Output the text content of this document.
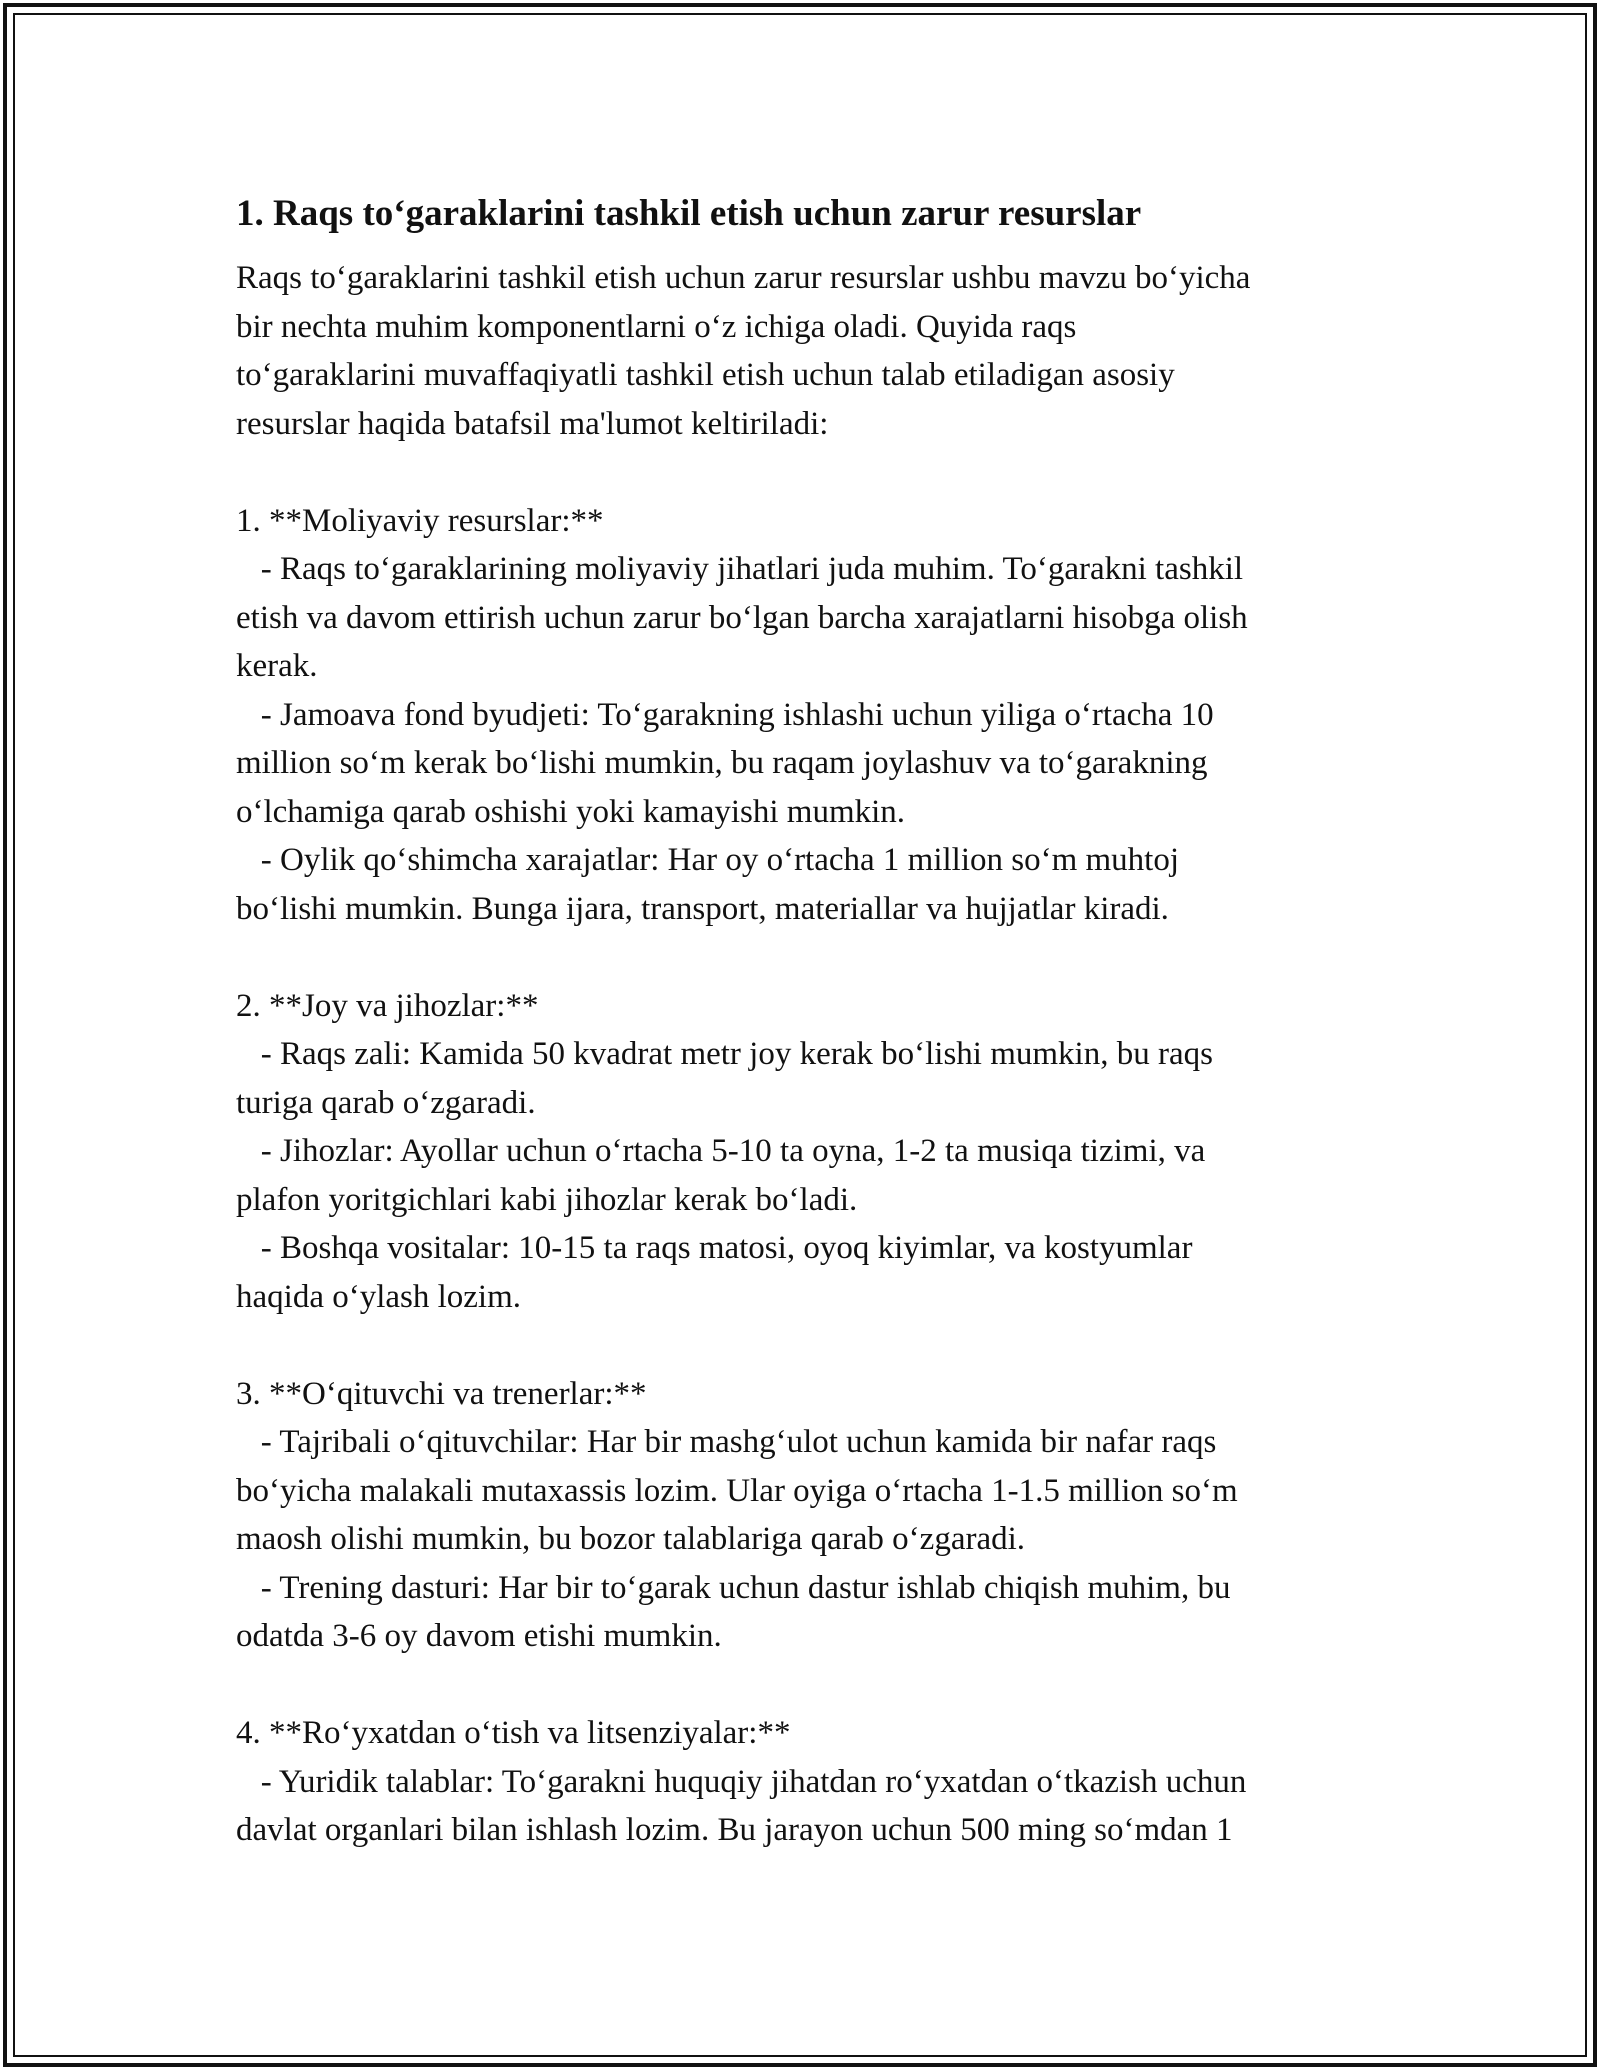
1. Raqs to‘garaklarini tashkil etish uchun zarur resurslar
Raqs to‘garaklarini tashkil etish uchun zarur resurslar ushbu mavzu bo‘yicha
bir nechta muhim komponentlarni o‘z ichiga oladi. Quyida raqs
to‘garaklarini muvaffaqiyatli tashkil etish uchun talab etiladigan asosiy
resurslar haqida batafsil ma'lumot keltiriladi:
1. **Moliyaviy resurslar:**
- Raqs to‘garaklarining moliyaviy jihatlari juda muhim. To‘garakni tashkil
etish va davom ettirish uchun zarur bo‘lgan barcha xarajatlarni hisobga olish
kerak.
- Jamoava fond byudjeti: To‘garakning ishlashi uchun yiliga o‘rtacha 10
million so‘m kerak bo‘lishi mumkin, bu raqam joylashuv va to‘garakning
o‘lchamiga qarab oshishi yoki kamayishi mumkin.
- Oylik qo‘shimcha xarajatlar: Har oy o‘rtacha 1 million so‘m muhtoj
bo‘lishi mumkin. Bunga ijara, transport, materiallar va hujjatlar kiradi.
2. **Joy va jihozlar:**
- Raqs zali: Kamida 50 kvadrat metr joy kerak bo‘lishi mumkin, bu raqs
turiga qarab o‘zgaradi.
- Jihozlar: Ayollar uchun o‘rtacha 5-10 ta oyna, 1-2 ta musiqa tizimi, va
plafon yoritgichlari kabi jihozlar kerak bo‘ladi.
- Boshqa vositalar: 10-15 ta raqs matosi, oyoq kiyimlar, va kostyumlar
haqida o‘ylash lozim.
3. **O‘qituvchi va trenerlar:**
- Tajribali o‘qituvchilar: Har bir mashg‘ulot uchun kamida bir nafar raqs
bo‘yicha malakali mutaxassis lozim. Ular oyiga o‘rtacha 1-1.5 million so‘m
maosh olishi mumkin, bu bozor talablariga qarab o‘zgaradi.
- Trening dasturi: Har bir to‘garak uchun dastur ishlab chiqish muhim, bu
odatda 3-6 oy davom etishi mumkin.
4. **Ro‘yxatdan o‘tish va litsenziyalar:**
- Yuridik talablar: To‘garakni huquqiy jihatdan ro‘yxatdan o‘tkazish uchun
davlat organlari bilan ishlash lozim. Bu jarayon uchun 500 ming so‘mdan 1
